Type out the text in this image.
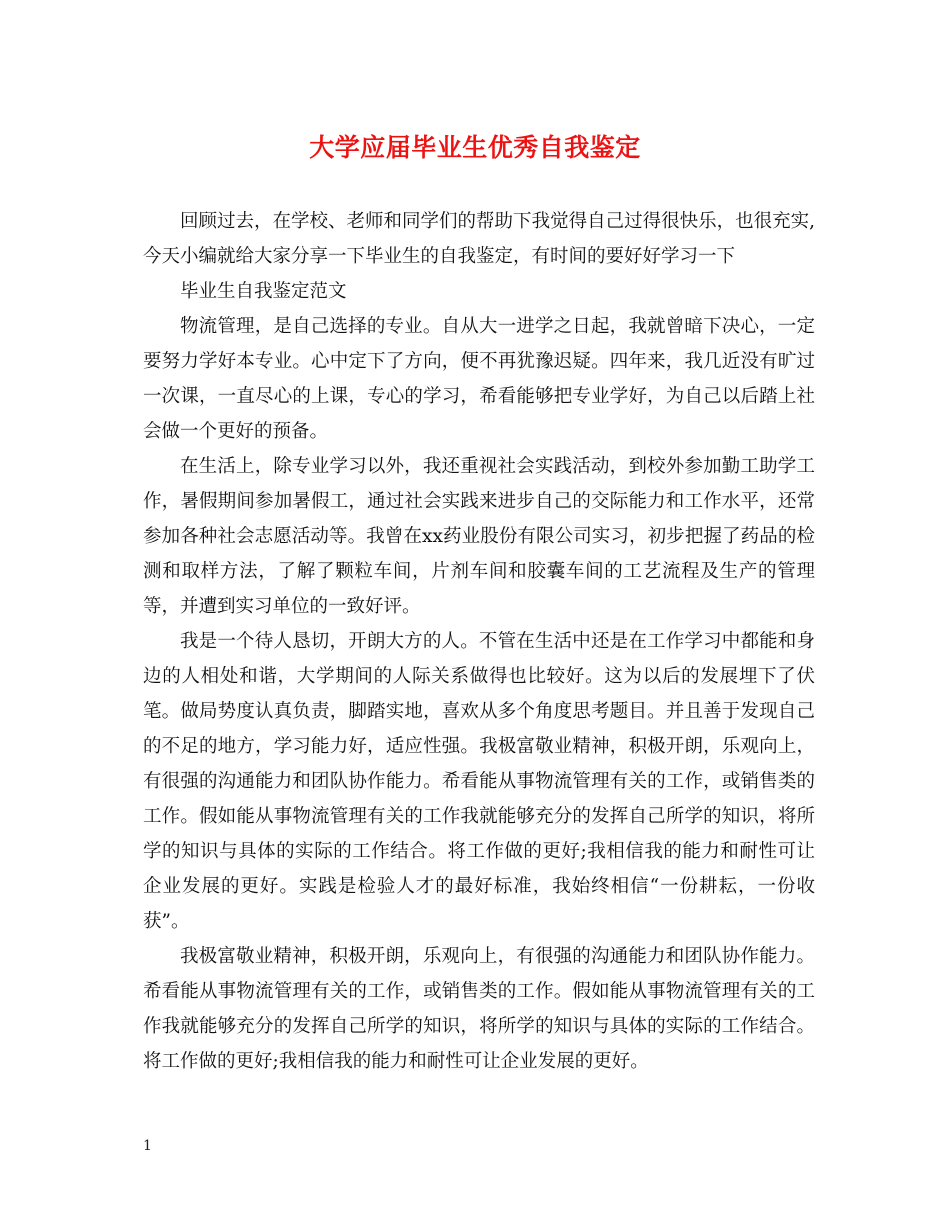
大学应届毕业生优秀自我鉴定

回顾过去，在学校、老师和同学们的帮助下我觉得自己过得很快乐，也很充实,今天小编就给大家分享一下毕业生的自我鉴定，有时间的要好好学习一下

毕业生自我鉴定范文

物流管理，是自己选择的专业。自从大一进学之日起，我就曾暗下决心，一定要努力学好本专业。心中定下了方向，便不再犹豫迟疑。四年来，我几近没有旷过一次课，一直尽心的上课，专心的学习，希看能够把专业学好，为自己以后踏上社会做一个更好的预备。

在生活上，除专业学习以外，我还重视社会实践活动，到校外参加勤工助学工作，暑假期间参加暑假工，通过社会实践来进步自己的交际能力和工作水平，还常参加各种社会志愿活动等。我曾在xx药业股份有限公司实习，初步把握了药品的检测和取样方法，了解了颗粒车间，片剂车间和胶囊车间的工艺流程及生产的管理等，并遭到实习单位的一致好评。

我是一个待人恳切，开朗大方的人。不管在生活中还是在工作学习中都能和身边的人相处和谐，大学期间的人际关系做得也比较好。这为以后的发展埋下了伏笔。做局势度认真负责，脚踏实地，喜欢从多个角度思考题目。并且善于发现自己的不足的地方，学习能力好，适应性强。我极富敬业精神，积极开朗，乐观向上，有很强的沟通能力和团队协作能力。希看能从事物流管理有关的工作，或销售类的工作。假如能从事物流管理有关的工作我就能够充分的发挥自己所学的知识，将所学的知识与具体的实际的工作结合。将工作做的更好;我相信我的能力和耐性可让企业发展的更好。实践是检验人才的最好标准，我始终相信“一份耕耘，一份收获”。

我极富敬业精神，积极开朗，乐观向上，有很强的沟通能力和团队协作能力。希看能从事物流管理有关的工作，或销售类的工作。假如能从事物流管理有关的工作我就能够充分的发挥自己所学的知识，将所学的知识与具体的实际的工作结合。将工作做的更好;我相信我的能力和耐性可让企业发展的更好。

1
